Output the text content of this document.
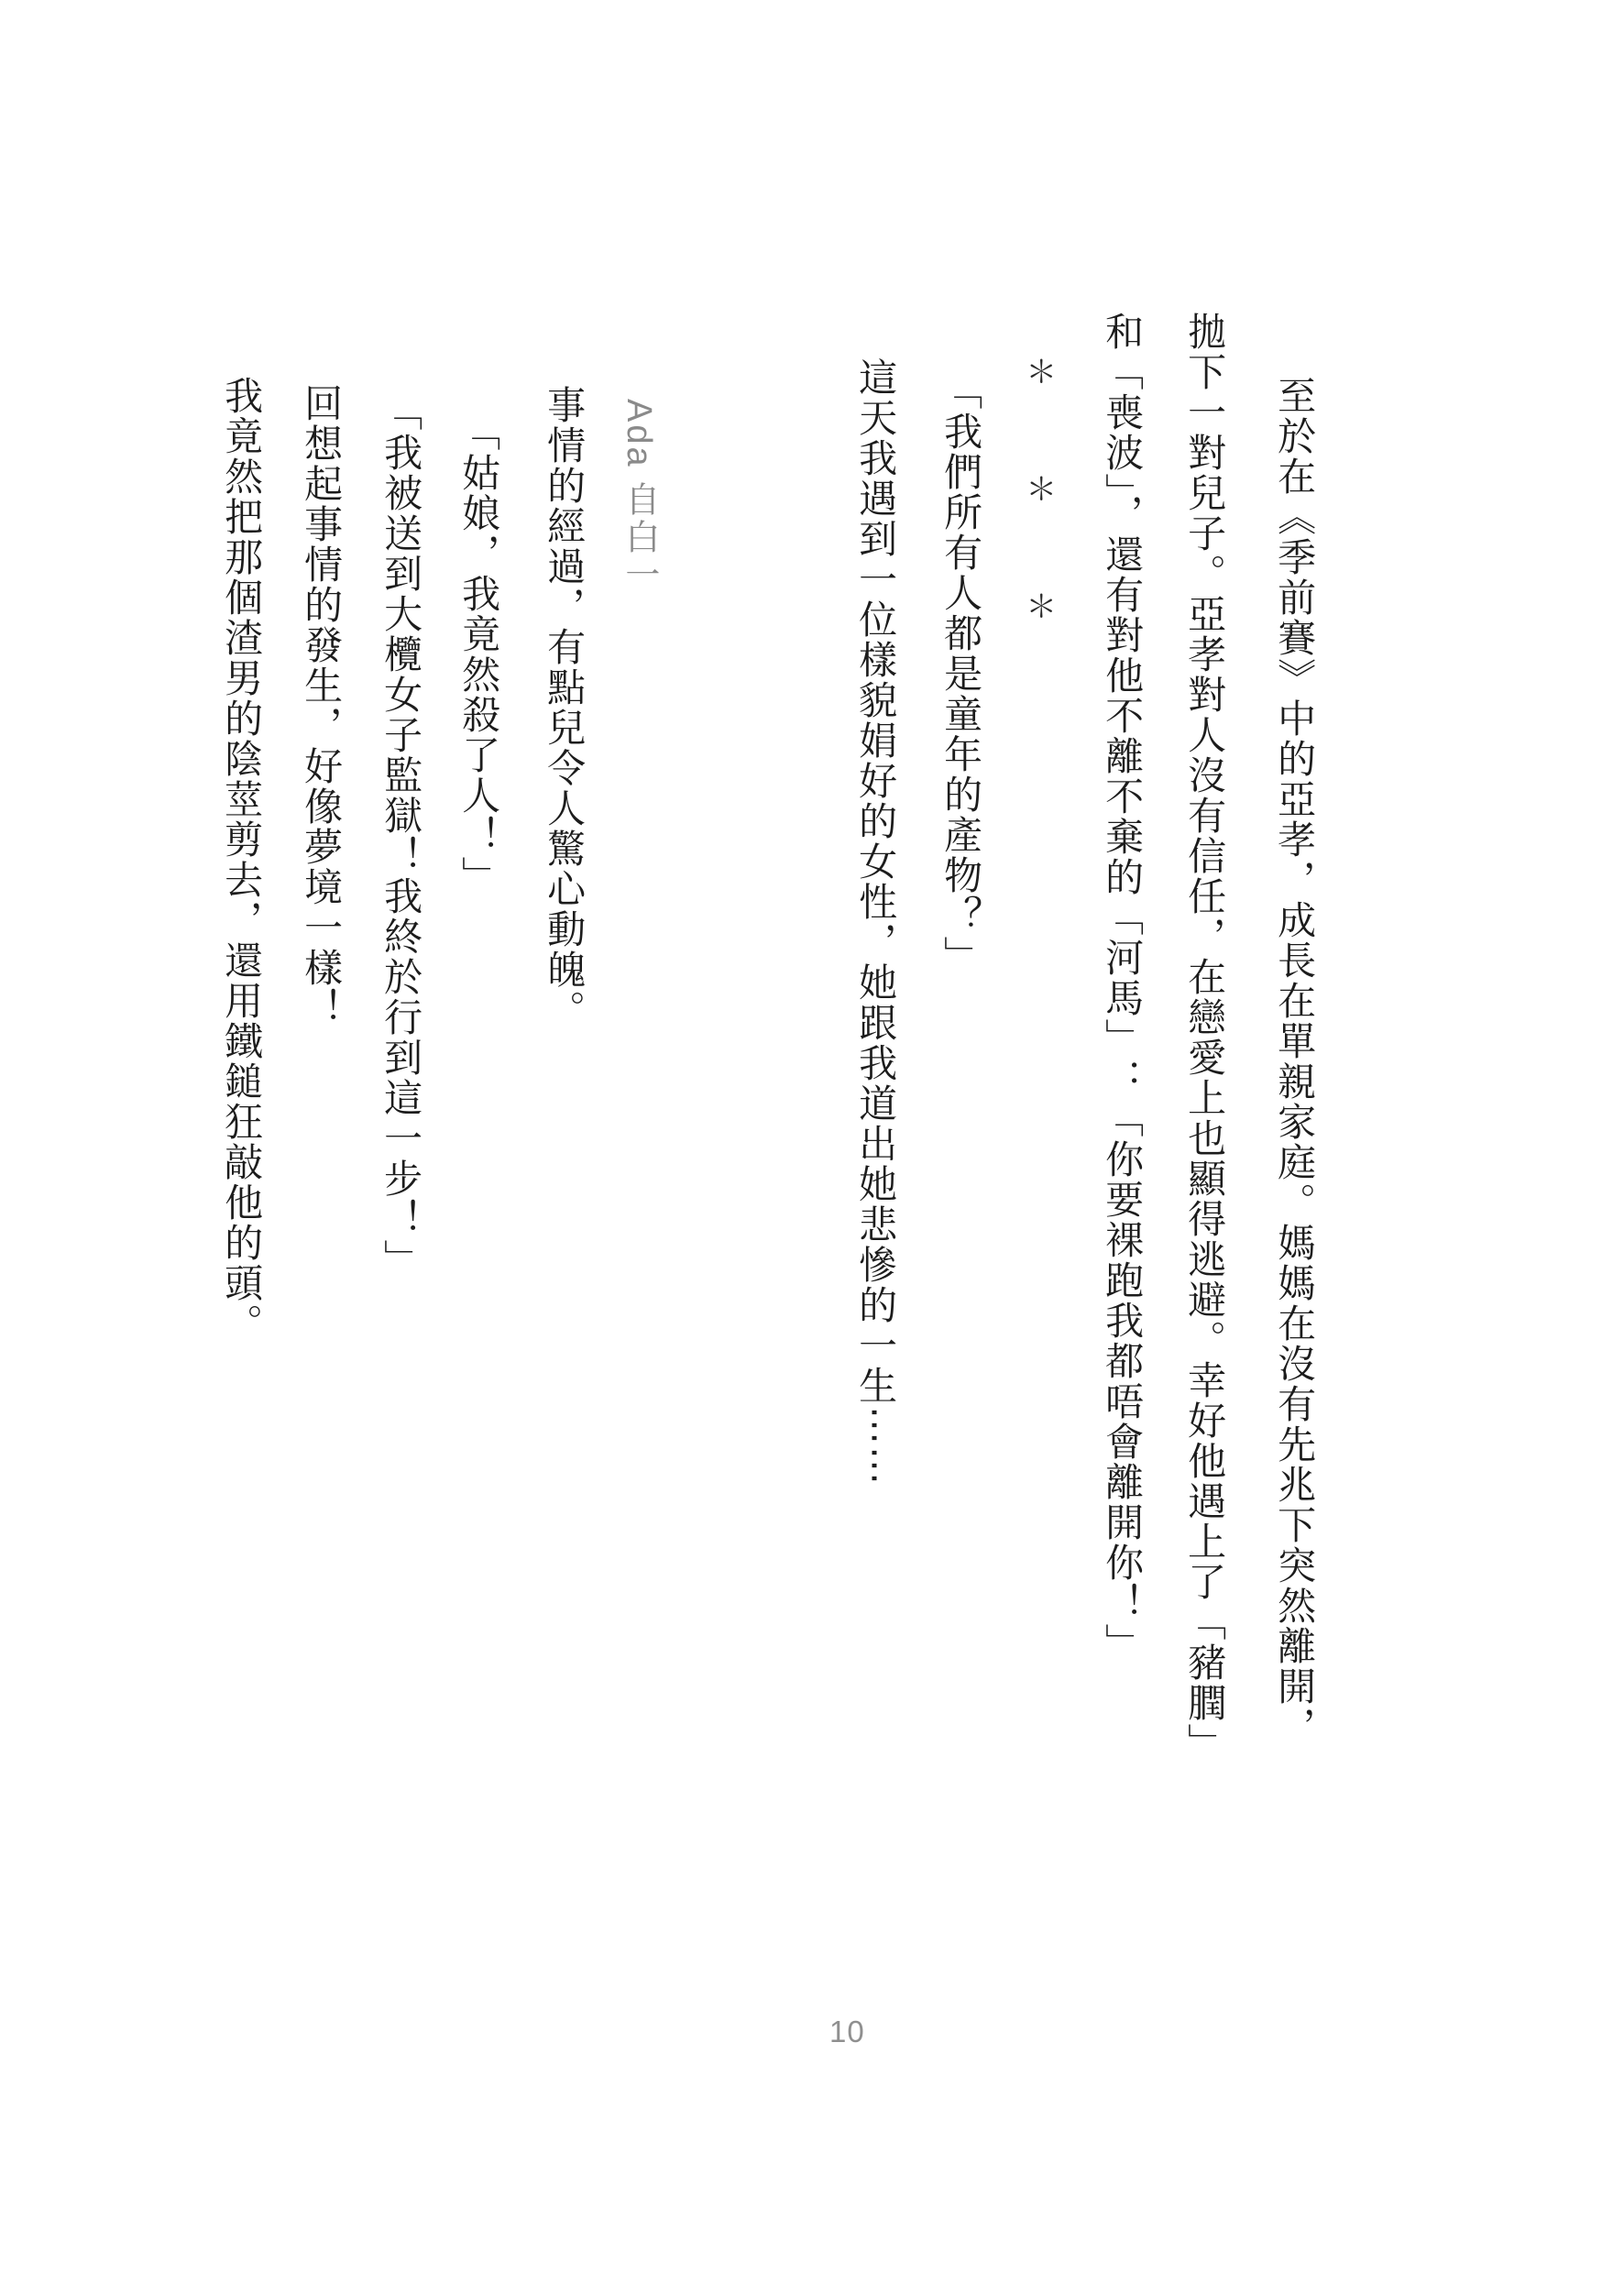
至於在《季前賽》中的亞孝，成長在單親家庭。媽媽在沒有先兆下突然離開，

拋下一對兒子。亞孝對人沒有信任，在戀愛上也顯得逃避。幸好他遇上了「豬膶」

和「喪波」，還有對他不離不棄的「河馬」：「你要裸跑我都唔會離開你！」

＊＊＊

「我們所有人都是童年的產物？」

這天我遇到一位樣貌娟好的女性，她跟我道出她悲慘的一生⋯⋯

Ada 自白一

事情的經過，有點兒令人驚心動魄。

「姑娘，我竟然殺了人！」

「我被送到大欖女子監獄！我終於行到這一步！」

回想起事情的發生，好像夢境一樣！

我竟然把那個渣男的陰莖剪去，還用鐵鎚狂敲他的頭。

10
